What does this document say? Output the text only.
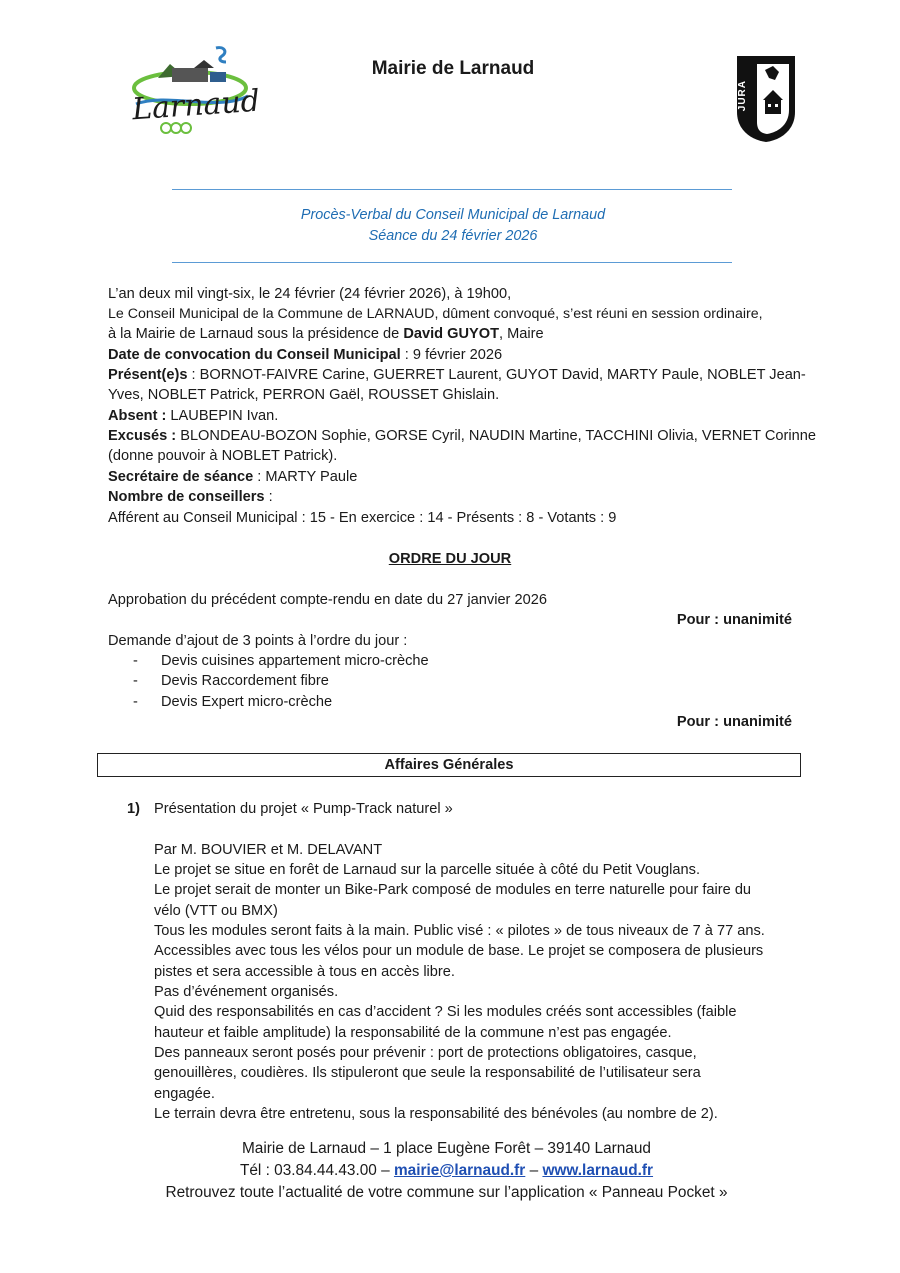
Larnaud
Mairie de Larnaud
JURA
Procès-Verbal du Conseil Municipal de Larnaud
Séance du 24 février 2026
L’an deux mil vingt-six, le 24 février (24 février 2026), à 19h00,
Le Conseil Municipal de la Commune de LARNAUD, dûment convoqué, s’est réuni en session ordinaire,
à la Mairie de Larnaud sous la présidence de David GUYOT, Maire
Date de convocation du Conseil Municipal : 9 février 2026
Présent(e)s : BORNOT-FAIVRE Carine, GUERRET Laurent, GUYOT David, MARTY Paule, NOBLET Jean-
Yves, NOBLET Patrick, PERRON Gaël, ROUSSET Ghislain.
Absent : LAUBEPIN Ivan.
Excusés : BLONDEAU-BOZON Sophie, GORSE Cyril, NAUDIN Martine, TACCHINI Olivia, VERNET Corinne
(donne pouvoir à NOBLET Patrick).
Secrétaire de séance : MARTY Paule
Nombre de conseillers :
Afférent au Conseil Municipal : 15 - En exercice : 14 - Présents : 8 - Votants : 9
ORDRE DU JOUR
Approbation du précédent compte-rendu en date du 27 janvier 2026
Pour : unanimité
Demande d’ajout de 3 points à l’ordre du jour :
- Devis cuisines appartement micro-crèche
- Devis Raccordement fibre
- Devis Expert micro-crèche
Pour : unanimité
Affaires Générales
1) Présentation du projet « Pump-Track naturel »
Par M. BOUVIER et M. DELAVANT
Le projet se situe en forêt de Larnaud sur la parcelle située à côté du Petit Vouglans.
Le projet serait de monter un Bike-Park composé de modules en terre naturelle pour faire du
vélo (VTT ou BMX)
Tous les modules seront faits à la main. Public visé : « pilotes » de tous niveaux de 7 à 77 ans.
Accessibles avec tous les vélos pour un module de base. Le projet se composera de plusieurs
pistes et sera accessible à tous en accès libre.
Pas d’événement organisés.
Quid des responsabilités en cas d’accident ? Si les modules créés sont accessibles (faible
hauteur et faible amplitude) la responsabilité de la commune n’est pas engagée.
Des panneaux seront posés pour prévenir : port de protections obligatoires, casque,
genouillères, coudières. Ils stipuleront que seule la responsabilité de l’utilisateur sera
engagée.
Le terrain devra être entretenu, sous la responsabilité des bénévoles (au nombre de 2).
Mairie de Larnaud – 1 place Eugène Forêt – 39140 Larnaud
Tél : 03.84.44.43.00 – mairie@larnaud.fr – www.larnaud.fr
Retrouvez toute l’actualité de votre commune sur l’application « Panneau Pocket »
